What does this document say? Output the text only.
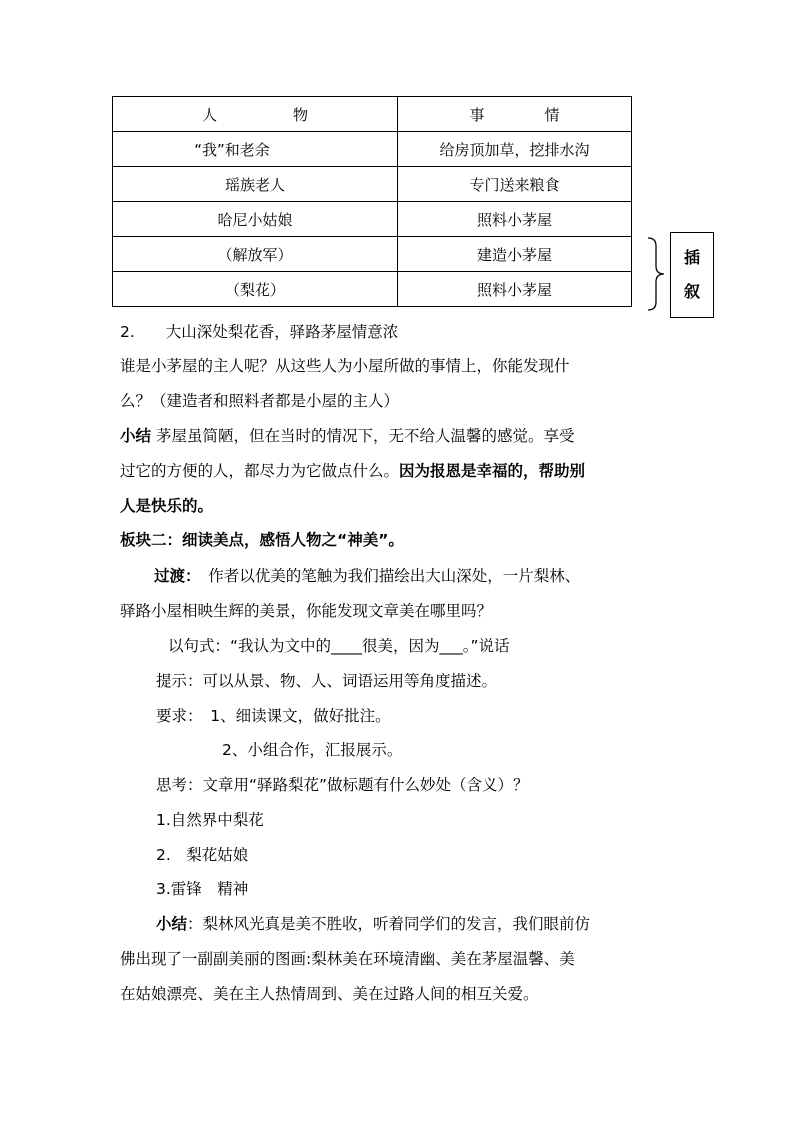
人 物	事 情
“我”和老余	给房顶加草，挖排水沟
瑶族老人	专门送来粮食
哈尼小姑娘	照料小茅屋
（解放军）	建造小茅屋
（梨花）	照料小茅屋
插
叙
2.　　大山深处梨花香，驿路茅屋情意浓
谁是小茅屋的主人呢？从这些人为小屋所做的事情上，你能发现什
么？（建造者和照料者都是小屋的主人）
小结 茅屋虽简陋，但在当时的情况下，无不给人温馨的感觉。享受
过它的方便的人，都尽力为它做点什么。因为报恩是幸福的，帮助别
人是快乐的。
板块二：细读美点，感悟人物之“神美”。
过渡：　作者以优美的笔触为我们描绘出大山深处，一片梨林、
驿路小屋相映生辉的美景，你能发现文章美在哪里吗？
以句式：“我认为文中的____很美，因为___。”说话
提示：可以从景、物、人、词语运用等角度描述。
要求：　1、细读课文，做好批注。
2、小组合作，汇报展示。
思考：文章用“驿路梨花”做标题有什么妙处（含义）？
1.自然界中梨花
2.　梨花姑娘
3.雷锋　精神
小结：梨林风光真是美不胜收，听着同学们的发言，我们眼前仿
佛出现了一副副美丽的图画:梨林美在环境清幽、美在茅屋温馨、美
在姑娘漂亮、美在主人热情周到、美在过路人间的相互关爱。
